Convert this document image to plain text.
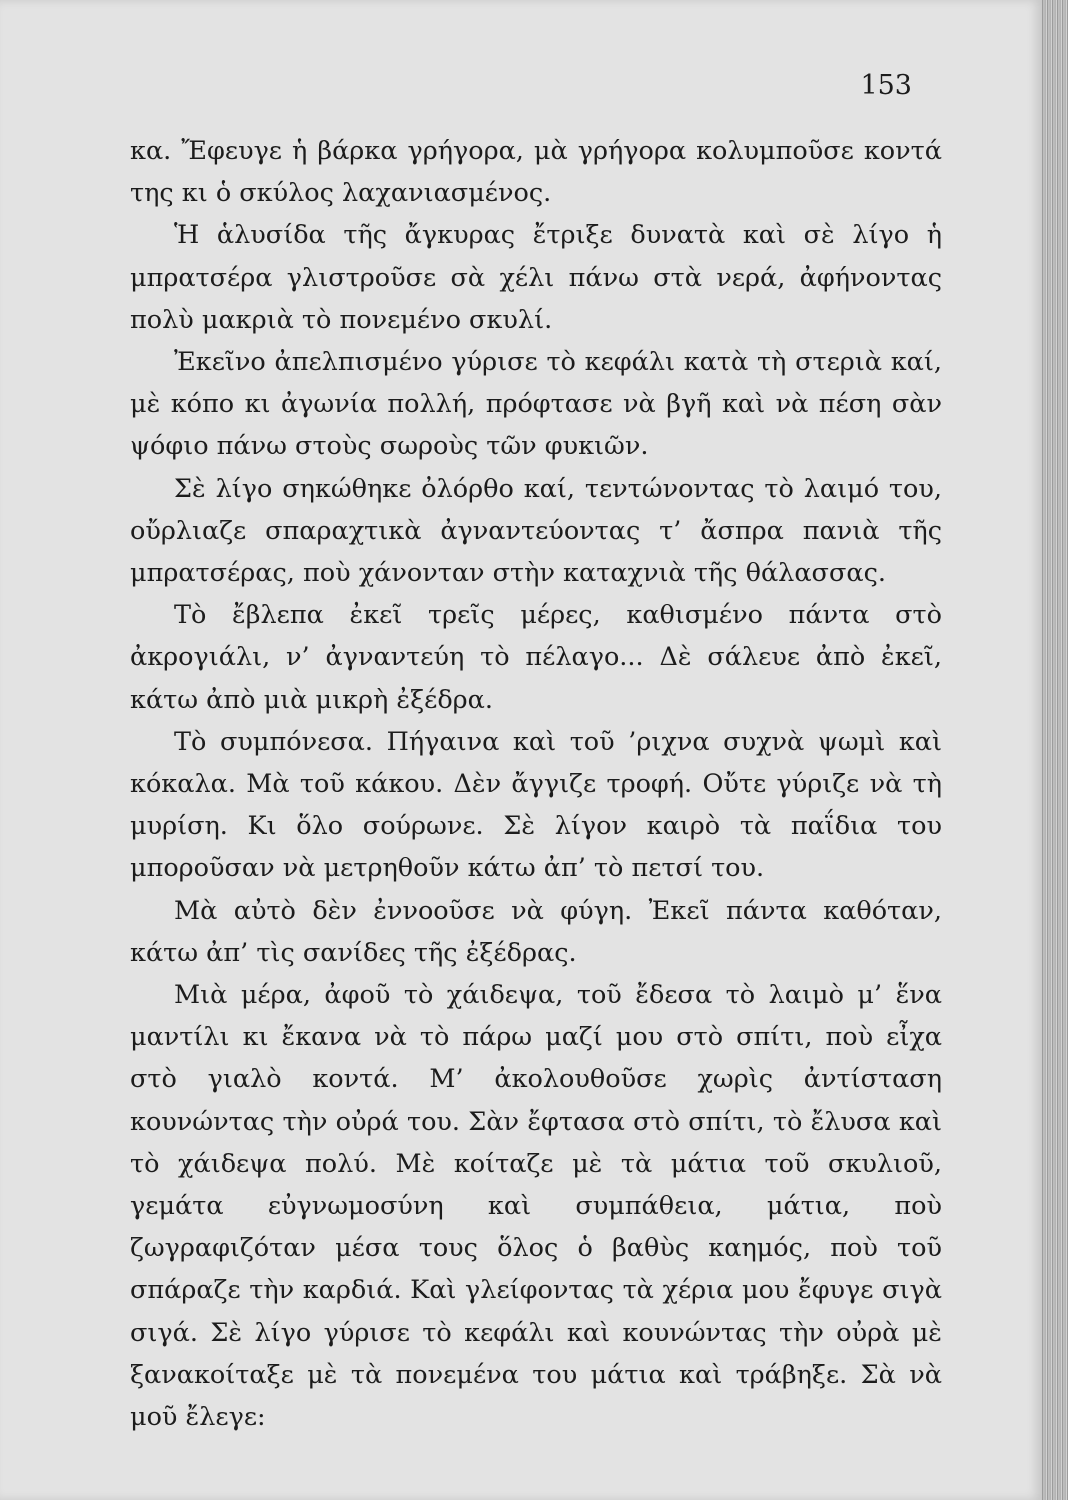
153

κα. Ἔφευγε ἡ βάρκα γρήγορα, μὰ γρήγορα κολυμποῦσε κοντά της κι ὁ σκύλος λαχανιασμένος.

Ἡ ἁλυσίδα τῆς ἄγκυρας ἔτριξε δυνατὰ καὶ σὲ λίγο ἡ μπρατσέρα γλιστροῦσε σὰ χέλι πάνω στὰ νερά, ἀφήνοντας πολὺ μακριὰ τὸ πονεμένο σκυλί.

Ἐκεῖνο ἀπελπισμένο γύρισε τὸ κεφάλι κατὰ τὴ στεριὰ καί, μὲ κόπο κι ἀγωνία πολλή, πρόφτασε νὰ βγῆ καὶ νὰ πέση σὰν ψόφιο πάνω στοὺς σωροὺς τῶν φυκιῶν.

Σὲ λίγο σηκώθηκε ὀλόρθο καί, τεντώνοντας τὸ λαιμό του, οὔρλιαζε σπαραχτικὰ ἀγναντεύοντας τ’ ἄσπρα πανιὰ τῆς μπρατσέρας, ποὺ χάνονταν στὴν καταχνιὰ τῆς θάλασσας.

Τὸ ἔβλεπα ἐκεῖ τρεῖς μέρες, καθισμένο πάντα στὸ ἀκρογιάλι, ν’ ἀγναντεύη τὸ πέλαγο... Δὲ σάλευε ἀπὸ ἐκεῖ, κάτω ἀπὸ μιὰ μικρὴ ἐξέδρα.

Τὸ συμπόνεσα. Πήγαινα καὶ τοῦ ’ριχνα συχνὰ ψωμὶ καὶ κόκαλα. Μὰ τοῦ κάκου. Δὲν ἄγγιζε τροφή. Οὔτε γύριζε νὰ τὴ μυρίση. Κι ὅλο σούρωνε. Σὲ λίγον καιρὸ τὰ παΐδια του μποροῦσαν νὰ μετρηθοῦν κάτω ἀπ’ τὸ πετσί του.

Μὰ αὐτὸ δὲν ἐννοοῦσε νὰ φύγη. Ἐκεῖ πάντα καθόταν, κάτω ἀπ’ τὶς σανίδες τῆς ἐξέδρας.

Μιὰ μέρα, ἀφοῦ τὸ χάιδεψα, τοῦ ἔδεσα τὸ λαιμὸ μ’ ἕνα μαντίλι κι ἔκανα νὰ τὸ πάρω μαζί μου στὸ σπίτι, ποὺ εἶχα στὸ γιαλὸ κοντά. Μ’ ἀκολουθοῦσε χωρὶς ἀντίσταση κουνώντας τὴν οὐρά του. Σὰν ἔφτασα στὸ σπίτι, τὸ ἔλυσα καὶ τὸ χάιδεψα πολύ. Μὲ κοίταζε μὲ τὰ μάτια τοῦ σκυλιοῦ, γεμάτα εὐγνωμοσύνη καὶ συμπάθεια, μάτια, ποὺ ζωγραφιζόταν μέσα τους ὅλος ὁ βαθὺς καημός, ποὺ τοῦ σπάραζε τὴν καρδιά. Καὶ γλείφοντας τὰ χέρια μου ἔφυγε σιγὰ σιγά. Σὲ λίγο γύρισε τὸ κεφάλι καὶ κουνώντας τὴν οὐρὰ μὲ ξανακοίταξε μὲ τὰ πονεμένα του μάτια καὶ τράβηξε. Σὰ νὰ μοῦ ἔλεγε:
